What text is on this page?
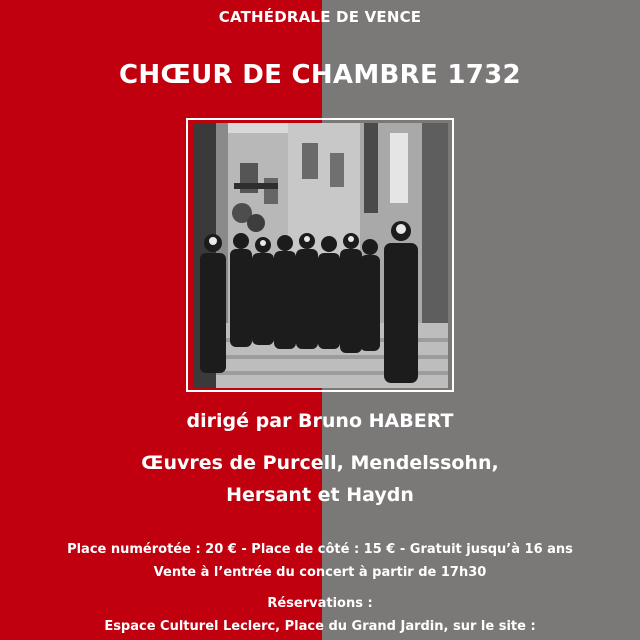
CATHÉDRALE DE VENCE
CHŒUR DE CHAMBRE 1732
dirigé par Bruno HABERT
Œuvres de Purcell, Mendelssohn,
Hersant et Haydn
Place numérotée : 20 € - Place de côté : 15 € - Gratuit jusqu’à 16 ans
Vente à l’entrée du concert à partir de 17h30
Réservations :
Espace Culturel Leclerc, Place du Grand Jardin, sur le site :
